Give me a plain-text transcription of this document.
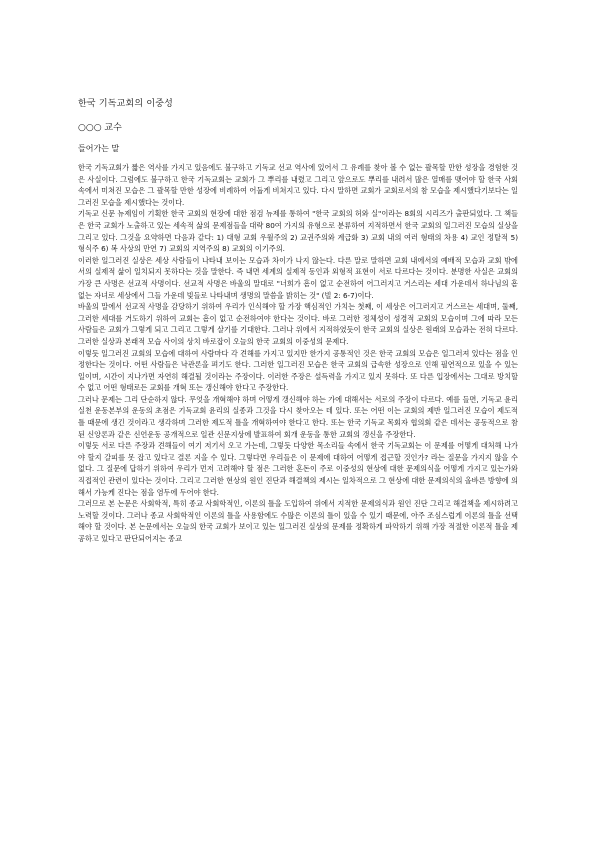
한국 기독교회의 이중성
○○○ 교수
들어가는 말

한국 기독교회가 짧은 역사를 가지고 있음에도 불구하고 기독교 선교 역사에 있어서 그 유례를 찾아 볼 수 없는 괄목할 만한 성장을 경험한 것은 사실이다. 그럼에도 불구하고 한국 기독교회는 교회가 그 뿌리를 내렸고 그리고 앞으로도 뿌리를 내려서 많은 열매를 맺어야 할 한국 사회 속에서 미쳐진 모습은 그 괄목할 만한 성장에 비례하여 어둡게 비쳐지고 있다. 다시 말하면 교회가 교회로서의 참 모습을 제시했다기보다는 일그러진 모습을 제시했다는 것이다.

기독교 신문 뉴제임이 기획한 한국 교회의 현장에 대한 점검 뉴제를 통하여 "한국 교회의 허와 실"이라는 8회의 시리즈가 출판되었다. 그 책들은 한국 교회가 노출하고 있는 세속적 삶의 문제점들을 대략 80여 가지의 유형으로 분류하여 지적하면서 한국 교회의 일그러진 모습의 실상을 그리고 있다. 그것을 요약하면 다음과 같다: 1) 대형 교회 우월주의 2) 교권주의와 계급화 3) 교회 내의 여러 형태의 차용 4) 교인 정탈적 5) 형식주 6) 복 사상의 만연 7) 교회의 지역주의 8) 교회의 이기주의.

이러한 일그러진 실상은 세상 사람들이 나타내 보이는 모습과 차이가 나지 않는다. 다른 말로 말하면 교회 내에서의 예배적 모습과 교회 밖에서의 실제적 삶이 일치되지 못하다는 것을 말한다. 즉 내면 세계의 실제적 동인과 외형적 표현이 서로 다르다는 것이다. 분명한 사실은 교회의 가장 큰 사명은 선교적 사명이다. 선교적 사명은 바울의 말대로 "너희가 흠이 없고 순전하여 어그러지고 거스리는 세대 가운데서 하나님의 흠 없는 자녀로 세상에서 그들 가운데 빛들로 나타내며 생명의 말씀을 밝히는 것" (빌 2: 6-7)이다.

바울의 말에서 선교적 사명을 감당하기 위하여 우리가 인식해야 할 가장 핵심적인 가치는 첫째, 이 세상은 어그러지고 거스르는 세대며, 둘째, 그러한 세대를 거도하기 위하여 교회는 흠이 없고 순전하여야 한다는 것이다. 바로 그러한 정체성이 성경적 교회의 모습이며 그에 따라 모든 사람들은 교회가 그렇게 되고 그리고 그렇게 살기를 기대한다. 그러나 위에서 지적하였듯이 한국 교회의 실상은 원래의 모습과는 전혀 다르다. 그러한 실상과 본래적 모습 사이의 상치 바로잡이 오늘의 한국 교회의 이중성의 문제다.

이렇듯 일그러진 교회의 모습에 대하여 사람마다 각 견해를 가지고 있지만 한가지 공통적인 것은 한국 교회의 모습은 일그러져 있다는 점을 인정한다는 것이다. 어떤 사람들은 낙관론을 펴기도 한다. 그러한 일그러진 모습은 한국 교회의 급속한 성장으로 인해 필연적으로 있을 수 있는 일이며, 시간이 지나가면 자연히 해결될 것이라는 주장이다. 이러한 주장은 설득력을 가지고 있지 못하다. 또 다른 입장에서는 그대로 방치할 수 없고 어떤 형태로든 교회를 개혁 또는 갱신해야 한다고 주장한다.

그러나 문제는 그리 단순하지 않다. 무엇을 개혁해야 하며 어떻게 갱신해야 하는 가에 대해서는 서로의 주장이 다르다. 예를 들면, 기독교 윤리 실천 운동본부의 운동의 초점은 기독교회 윤리의 실종과 그것을 다시 찾아오는 데 있다. 또는 어떤 이는 교회의 제반 일그러진 모습이 제도적 틀 때문에 생긴 것이라고 생각하며 그러한 제도적 틀을 개혁하여야 한다고 한다. 또는 한국 기독교 목회자 협의회 같은 데서는 공동적으로 참된 신앙론과 같은 신언운동 공개적으로 일관 신문지상에 발표하여 회개 운동을 통한 교회의 갱신을 주장한다.

이렇듯 서로 다른 주장과 견해들이 여기 저기서 오고 가는데, 그렇듯 다양한 목소리들 속에서 한국 기독교회는 이 문제를 어떻게 대처해 나가야 할지 갈피를 못 잡고 있다고 결론 지을 수 있다. 그렇다면 우리들은 이 문제에 대하여 어떻게 접근할 것인가? 라는 질문을 가지지 않을 수 없다. 그 질문에 답하기 위하여 우리가 먼저 고려해야 할 점은 그러한 혼돈이 주로 이중성의 현상에 대한 문제의식을 어떻게 가지고 있는가와 직접적인 관련이 있다는 것이다. 그리고 그러한 현상의 원인 진단과 해결책의 제시는 일차적으로 그 현상에 대한 문제의식의 올바른 방향에 의해서 가능케 진다는 점을 염두에 두어야 한다.

그러므로 본 논문은 사회학적, 특히 종교 사회학적인, 이론의 틀을 도입하여 위에서 지적한 문제의식과 원인 진단 그리고 해결책을 제시하려고 노력할 것이다. 그러나 종교 사회학적인 이론의 틀을 사용함에도 수많은 이론의 틀이 있을 수 있기 때문에, 아주 조심스럽게 이론의 틀을 선택해야 할 것이다. 본 논문에서는 오늘의 한국 교회가 보이고 있는 일그러진 실상의 문제를 정확하게 파악하기 위해 가장 적절한 이론적 틀을 제공하고 있다고 판단되어지는 종교
